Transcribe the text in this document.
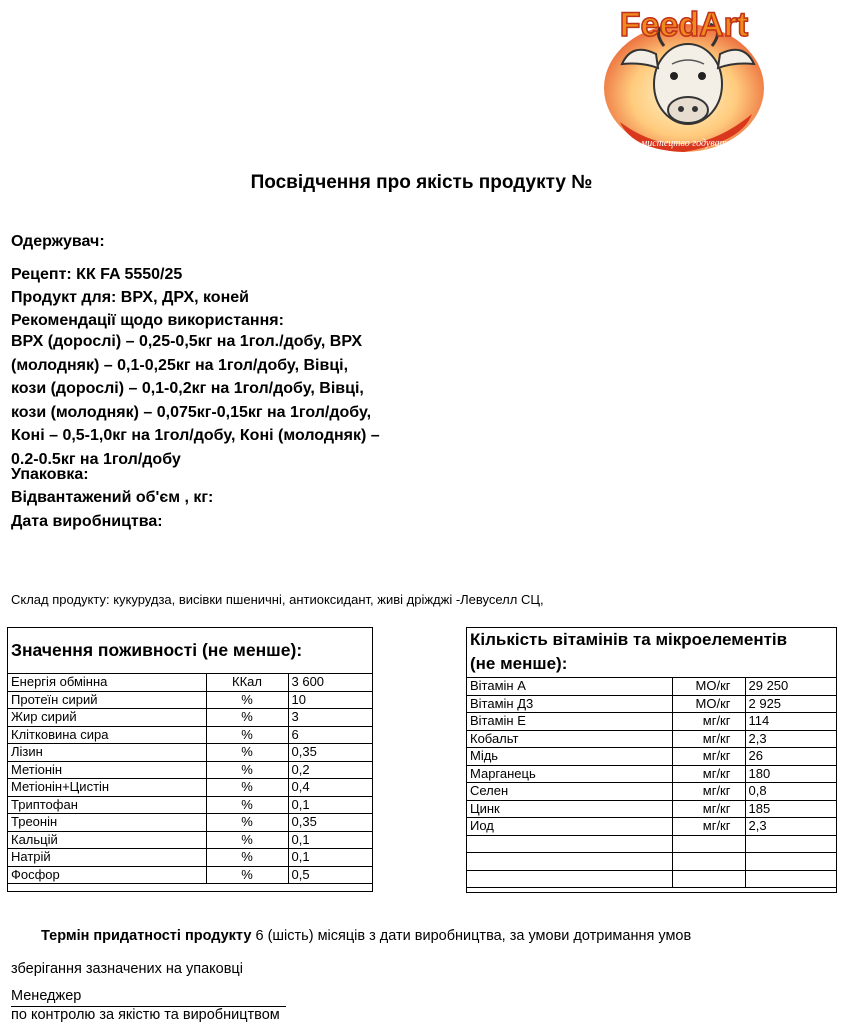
FeedArt
мистецтво годувати!
Посвідчення про якість продукту №
Одержувач:
Рецепт: КК FA 5550/25
Продукт для: ВРХ, ДРХ, коней
Рекомендації щодо використання:
ВРХ (дорослі) – 0,25-0,5кг на 1гол./добу, ВРХ
(молодняк) – 0,1-0,25кг на 1гол/добу, Вівці,
кози (дорослі) – 0,1-0,2кг на 1гол/добу, Вівці,
кози (молодняк) – 0,075кг-0,15кг на 1гол/добу,
Коні – 0,5-1,0кг на 1гол/добу, Коні (молодняк) –
0.2-0.5кг на 1гол/добу
Упаковка:
Відвантажений об'єм , кг:
Дата виробництва:
Склад продукту: кукурудза, висівки пшеничні, антиоксидант, живі дріжджі -Левуселл СЦ,
Значення поживності (не менше):
Енергія обмінна	ККал	3 600
Протеїн сирий	%	10
Жир сирий	%	3
Клітковина сира	%	6
Лізин	%	0,35
Метіонін	%	0,2
Метіонін+Цистін	%	0,4
Триптофан	%	0,1
Треонін	%	0,35
Кальцій	%	0,1
Натрій	%	0,1
Фосфор	%	0,5
Кількість вітамінів та мікроелементів
(не менше):
Вітамін А	МО/кг	29 250
Вітамін Д3	МО/кг	2 925
Вітамін Е	мг/кг	114
Кобальт	мг/кг	2,3
Мідь	мг/кг	26
Марганець	мг/кг	180
Селен	мг/кг	0,8
Цинк	мг/кг	185
Иод	мг/кг	2,3

Термін придатності продукту 6 (шість) місяців з дати виробництва, за умови дотримання умов
зберігання зазначених на упаковці
Менеджер
по контролю за якістю та виробництвом
